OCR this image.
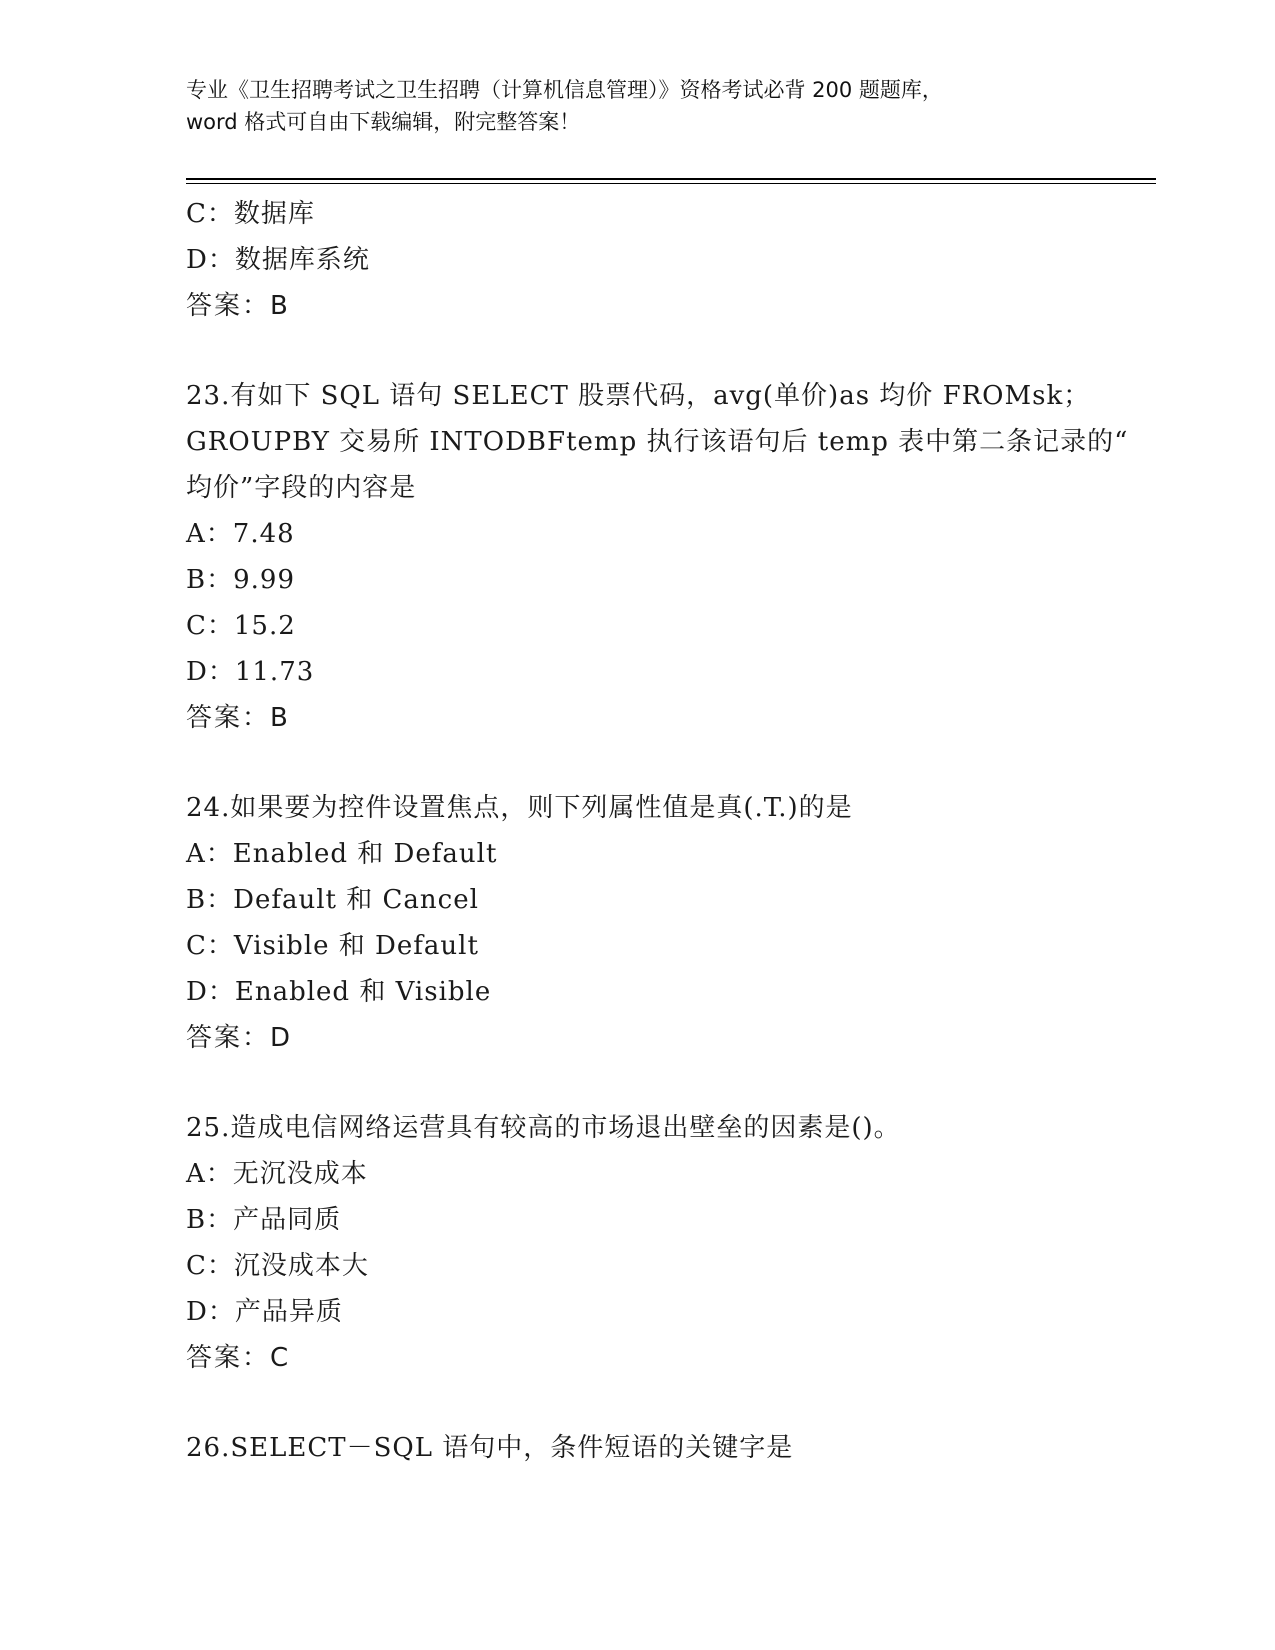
专业《卫生招聘考试之卫生招聘（计算机信息管理）》资格考试必背 200 题题库，
word 格式可自由下载编辑，附完整答案！
C：数据库
D：数据库系统
答案：B
23.有如下 SQL 语句 SELECT 股票代码，avg(单价)as 均价 FROMsk；
GROUPBY 交易所 INTODBFtemp 执行该语句后 temp 表中第二条记录的“
均价”字段的内容是
A：7.48
B：9.99
C：15.2
D：11.73
答案：B
24.如果要为控件设置焦点，则下列属性值是真(.T.)的是
A：Enabled 和 Default
B：Default 和 Cancel
C：Visible 和 Default
D：Enabled 和 Visible
答案：D
25.造成电信网络运营具有较高的市场退出壁垒的因素是()。
A：无沉没成本
B：产品同质
C：沉没成本大
D：产品异质
答案：C
26.SELECT－SQL 语句中，条件短语的关键字是
